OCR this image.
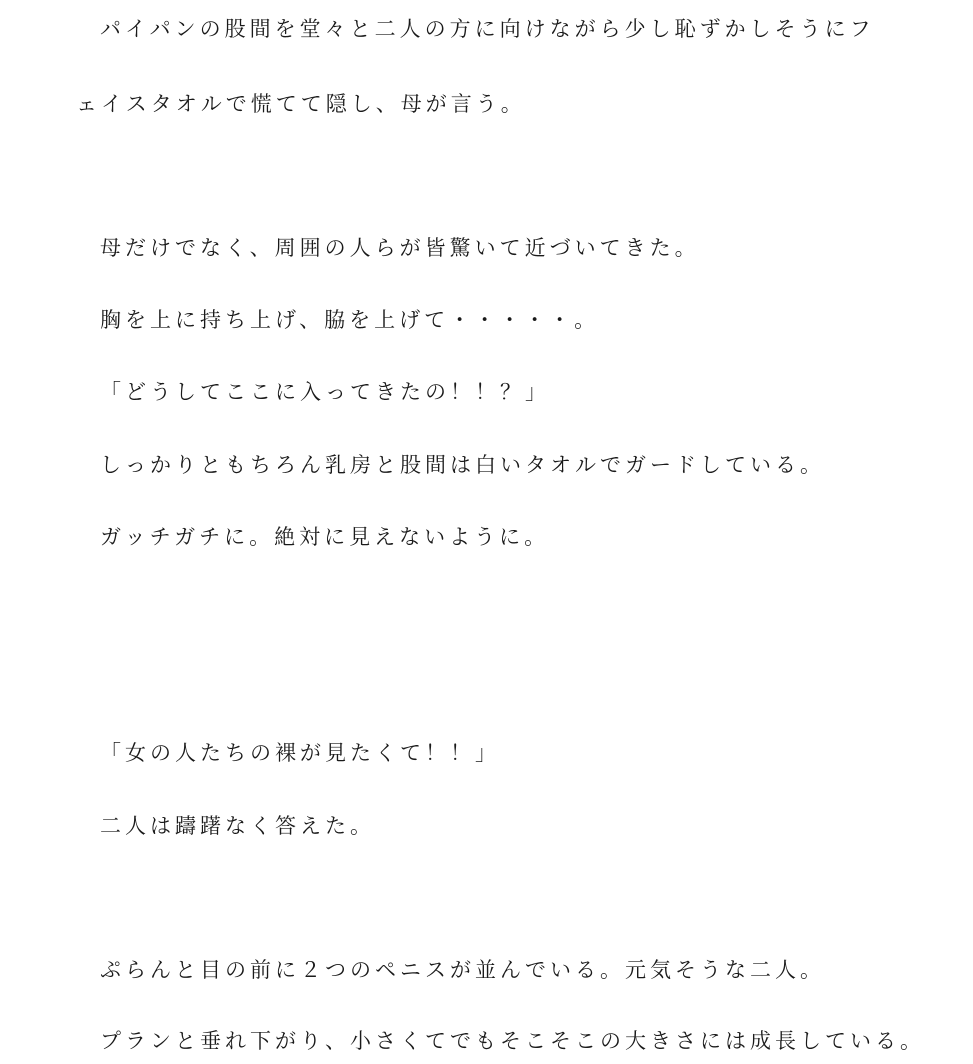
パイパンの股間を堂々と二人の方に向けながら少し恥ずかしそうにフ

ェイスタオルで慌てて隠し、母が言う。

母だけでなく、周囲の人らが皆驚いて近づいてきた。

胸を上に持ち上げ、脇を上げて・・・・・。

「どうしてここに入ってきたの！！？」

しっかりともちろん乳房と股間は白いタオルでガードしている。

ガッチガチに。絶対に見えないように。

「女の人たちの裸が見たくて！！」

二人は躊躇なく答えた。

ぷらんと目の前に２つのペニスが並んでいる。元気そうな二人。

プランと垂れ下がり、小さくてでもそこそこの大きさには成長している。
